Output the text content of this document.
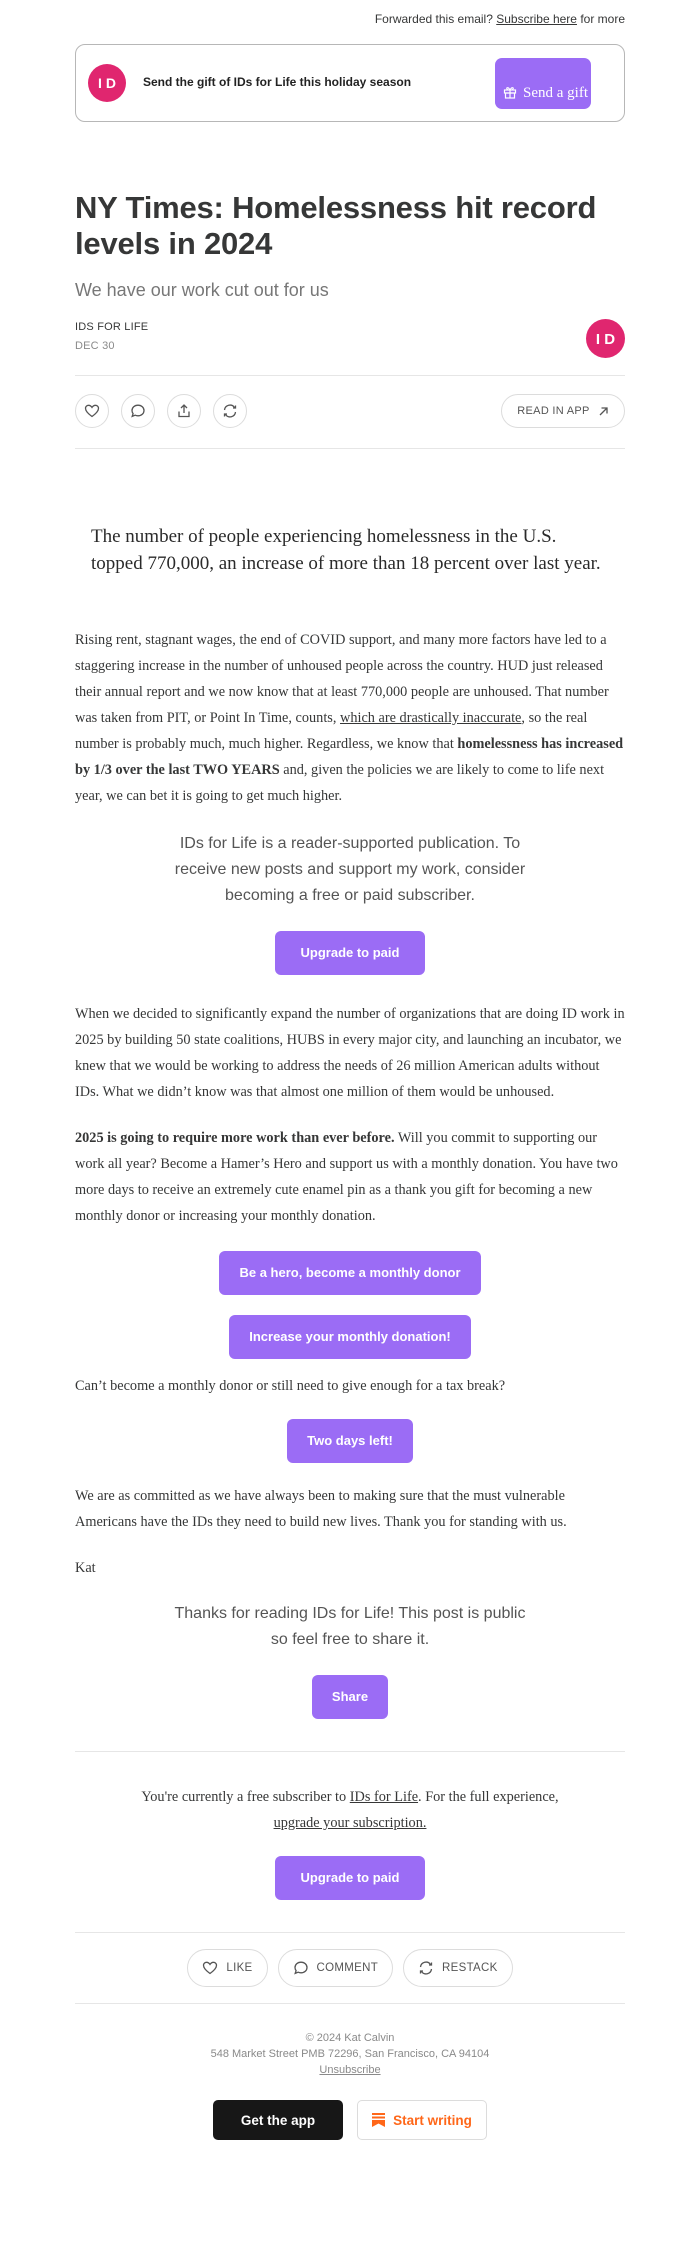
Forwarded this email? Subscribe here for more
I D Send the gift of IDs for Life this holiday season
Send a gift
NY Times: Homelessness hit record levels in 2024
We have our work cut out for us
IDS FOR LIFE
DEC 30	I D
READ IN APP
The number of people experiencing homelessness in the U.S. topped 770,000, an increase of more than 18 percent over last year.

Rising rent, stagnant wages, the end of COVID support, and many more factors have led to a staggering increase in the number of unhoused people across the country. HUD just released their annual report and we now know that at least 770,000 people are unhoused. That number was taken from PIT, or Point In Time, counts, which are drastically inaccurate, so the real number is probably much, much higher. Regardless, we know that homelessness has increased by 1/3 over the last TWO YEARS and, given the policies we are likely to come to life next year, we can bet it is going to get much higher.

IDs for Life is a reader-supported publication. To receive new posts and support my work, consider becoming a free or paid subscriber.
Upgrade to paid

When we decided to significantly expand the number of organizations that are doing ID work in 2025 by building 50 state coalitions, HUBS in every major city, and launching an incubator, we knew that we would be working to address the needs of 26 million American adults without IDs. What we didn’t know was that almost one million of them would be unhoused.

2025 is going to require more work than ever before. Will you commit to supporting our work all year? Become a Hamer’s Hero and support us with a monthly donation. You have two more days to receive an extremely cute enamel pin as a thank you gift for becoming a new monthly donor or increasing your monthly donation.

Be a hero, become a monthly donor
Increase your monthly donation!

Can’t become a monthly donor or still need to give enough for a tax break?

Two days left!

We are as committed as we have always been to making sure that the must vulnerable Americans have the IDs they need to build new lives. Thank you for standing with us.

Kat

Thanks for reading IDs for Life! This post is public so feel free to share it.
Share
You're currently a free subscriber to IDs for Life. For the full experience,
upgrade your subscription.
Upgrade to paid
LIKE	COMMENT	RESTACK
© 2024 Kat Calvin
548 Market Street PMB 72296, San Francisco, CA 94104
Unsubscribe
Get the app	Start writing
